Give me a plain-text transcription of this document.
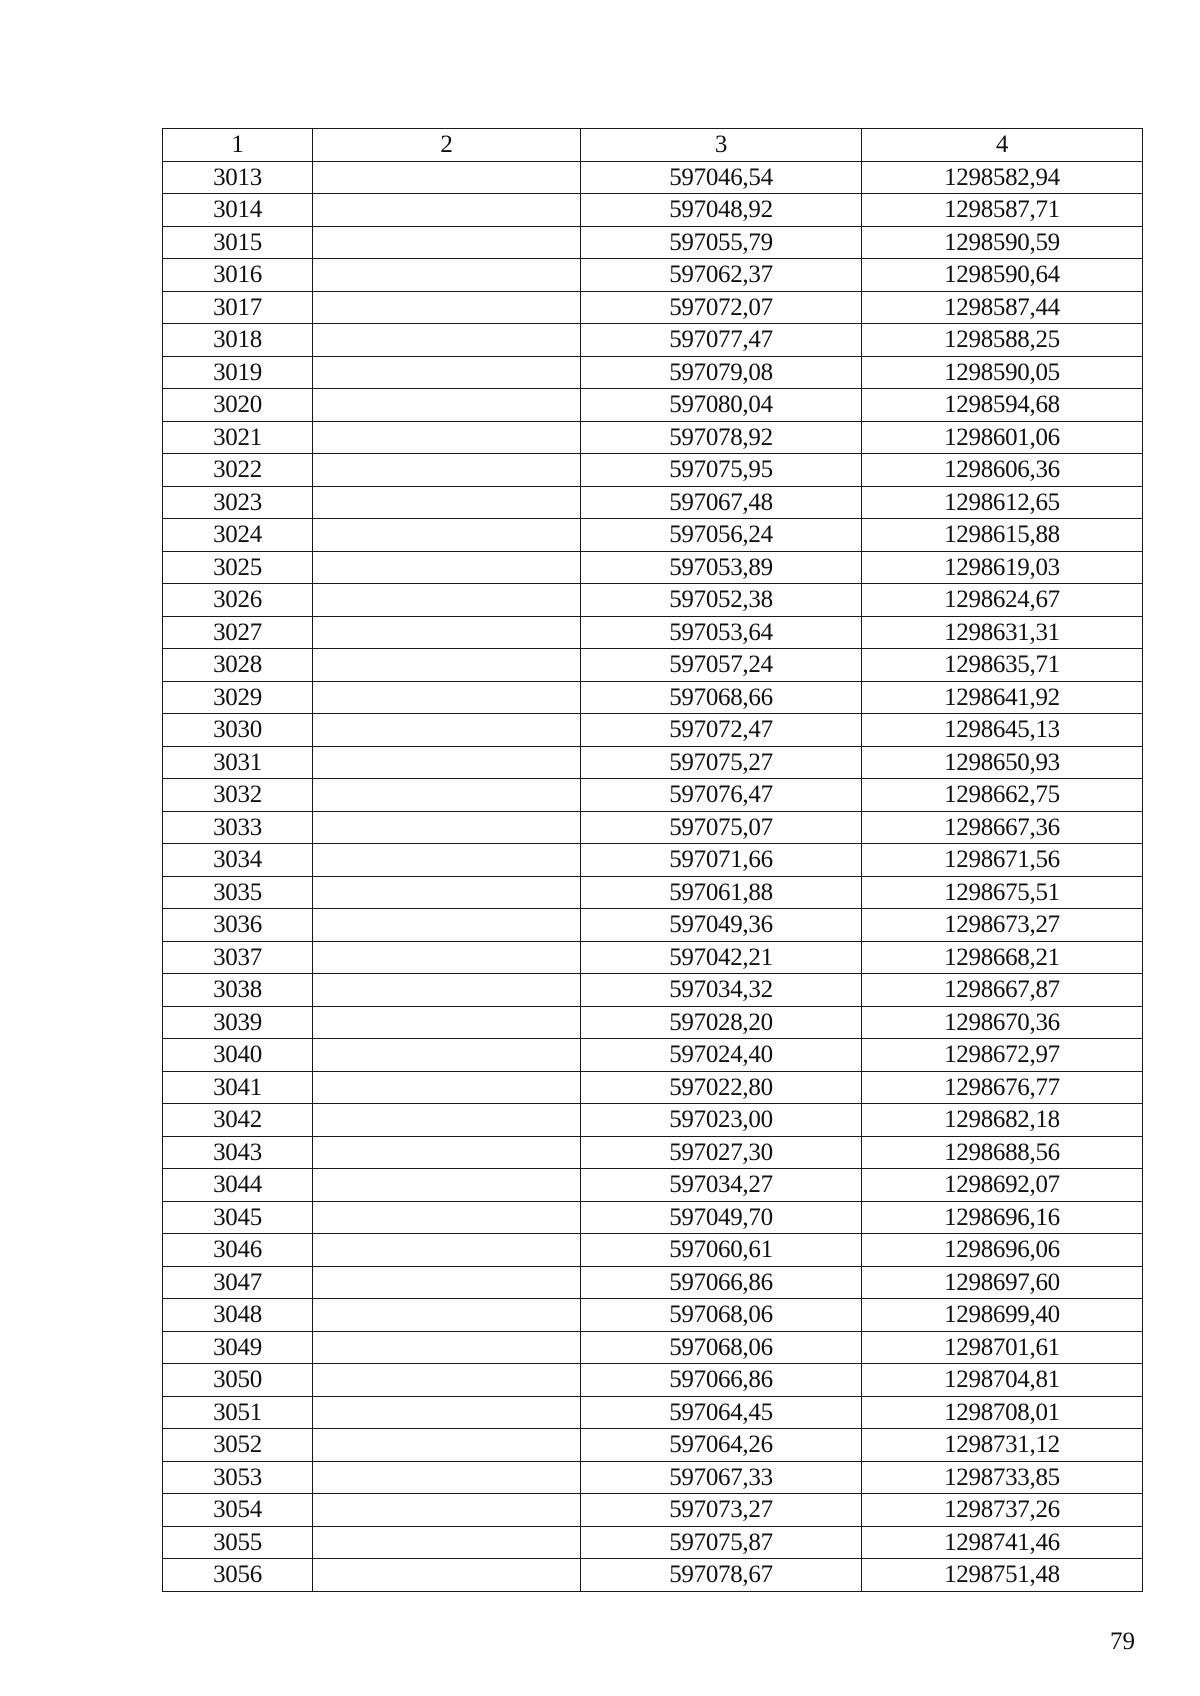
1	2	3	4
3013		597046,54	1298582,94
3014		597048,92	1298587,71
3015		597055,79	1298590,59
3016		597062,37	1298590,64
3017		597072,07	1298587,44
3018		597077,47	1298588,25
3019		597079,08	1298590,05
3020		597080,04	1298594,68
3021		597078,92	1298601,06
3022		597075,95	1298606,36
3023		597067,48	1298612,65
3024		597056,24	1298615,88
3025		597053,89	1298619,03
3026		597052,38	1298624,67
3027		597053,64	1298631,31
3028		597057,24	1298635,71
3029		597068,66	1298641,92
3030		597072,47	1298645,13
3031		597075,27	1298650,93
3032		597076,47	1298662,75
3033		597075,07	1298667,36
3034		597071,66	1298671,56
3035		597061,88	1298675,51
3036		597049,36	1298673,27
3037		597042,21	1298668,21
3038		597034,32	1298667,87
3039		597028,20	1298670,36
3040		597024,40	1298672,97
3041		597022,80	1298676,77
3042		597023,00	1298682,18
3043		597027,30	1298688,56
3044		597034,27	1298692,07
3045		597049,70	1298696,16
3046		597060,61	1298696,06
3047		597066,86	1298697,60
3048		597068,06	1298699,40
3049		597068,06	1298701,61
3050		597066,86	1298704,81
3051		597064,45	1298708,01
3052		597064,26	1298731,12
3053		597067,33	1298733,85
3054		597073,27	1298737,26
3055		597075,87	1298741,46
3056		597078,67	1298751,48
79
